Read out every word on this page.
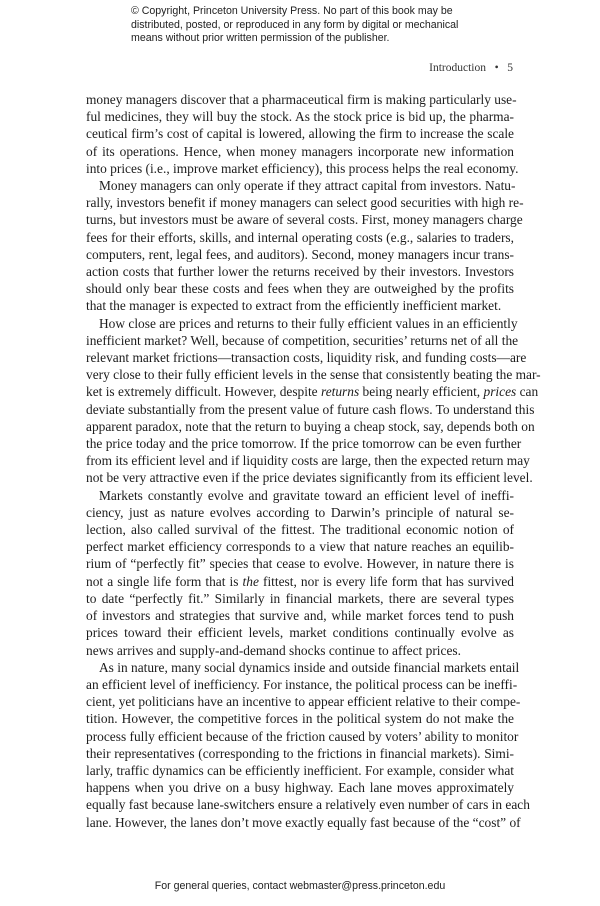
© Copyright, Princeton University Press. No part of this book may be distributed, posted, or reproduced in any form by digital or mechanical means without prior written permission of the publisher.
Introduction   •   5

money managers discover that a pharmaceutical firm is making particularly use-
ful medicines, they will buy the stock. As the stock price is bid up, the pharma-
ceutical firm’s cost of capital is lowered, allowing the firm to increase the scale
of its operations. Hence, when money managers incorporate new information
into prices (i.e., improve market efficiency), this process helps the real economy.

Money managers can only operate if they attract capital from investors. Natu-
rally, investors benefit if money managers can select good securities with high re-
turns, but investors must be aware of several costs. First, money managers charge
fees for their efforts, skills, and internal operating costs (e.g., salaries to traders,
computers, rent, legal fees, and auditors). Second, money managers incur trans-
action costs that further lower the returns received by their investors. Investors
should only bear these costs and fees when they are outweighed by the profits
that the manager is expected to extract from the efficiently inefficient market.

How close are prices and returns to their fully efficient values in an efficiently
inefficient market? Well, because of competition, securities’ returns net of all the
relevant market frictions—transaction costs, liquidity risk, and funding costs—are
very close to their fully efficient levels in the sense that consistently beating the mar-
ket is extremely difficult. However, despite returns being nearly efficient, prices can
deviate substantially from the present value of future cash flows. To understand this
apparent paradox, note that the return to buying a cheap stock, say, depends both on
the price today and the price tomorrow. If the price tomorrow can be even further
from its efficient level and if liquidity costs are large, then the expected return may
not be very attractive even if the price deviates significantly from its efficient level.

Markets constantly evolve and gravitate toward an efficient level of ineffi-
ciency, just as nature evolves according to Darwin’s principle of natural se-
lection, also called survival of the fittest. The traditional economic notion of
perfect market efficiency corresponds to a view that nature reaches an equilib-
rium of “perfectly fit” species that cease to evolve. However, in nature there is
not a single life form that is the fittest, nor is every life form that has survived
to date “perfectly fit.” Similarly in financial markets, there are several types
of investors and strategies that survive and, while market forces tend to push
prices toward their efficient levels, market conditions continually evolve as
news arrives and supply-and-demand shocks continue to affect prices.

As in nature, many social dynamics inside and outside financial markets entail
an efficient level of inefficiency. For instance, the political process can be ineffi-
cient, yet politicians have an incentive to appear efficient relative to their compe-
tition. However, the competitive forces in the political system do not make the
process fully efficient because of the friction caused by voters’ ability to monitor
their representatives (corresponding to the frictions in financial markets). Simi-
larly, traffic dynamics can be efficiently inefficient. For example, consider what
happens when you drive on a busy highway. Each lane moves approximately
equally fast because lane-switchers ensure a relatively even number of cars in each
lane. However, the lanes don’t move exactly equally fast because of the “cost” of

For general queries, contact webmaster@press.princeton.edu
